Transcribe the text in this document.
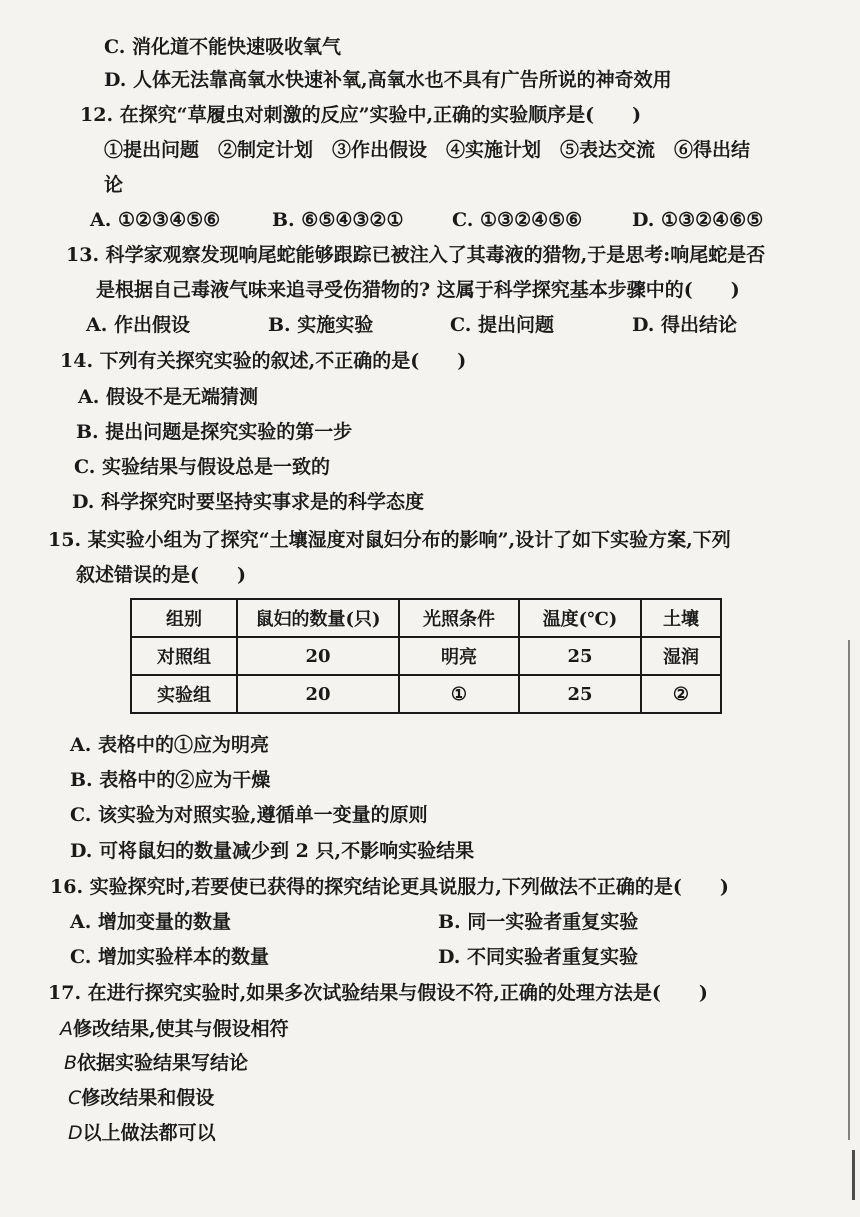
C. 消化道不能快速吸收氧气
D. 人体无法靠高氧水快速补氧,高氧水也不具有广告所说的神奇效用
12. 在探究“草履虫对刺激的反应”实验中,正确的实验顺序是(　　)
①提出问题　②制定计划　③作出假设　④实施计划　⑤表达交流　⑥得出结
论
A. ①②③④⑤⑥	B. ⑥⑤④③②①	C. ①③②④⑤⑥	D. ①③②④⑥⑤
13. 科学家观察发现响尾蛇能够跟踪已被注入了其毒液的猎物,于是思考:响尾蛇是否
是根据自己毒液气味来追寻受伤猎物的? 这属于科学探究基本步骤中的(　　)
A. 作出假设	B. 实施实验	C. 提出问题	D. 得出结论
14. 下列有关探究实验的叙述,不正确的是(　　)
A. 假设不是无端猜测
B. 提出问题是探究实验的第一步
C. 实验结果与假设总是一致的
D. 科学探究时要坚持实事求是的科学态度
15. 某实验小组为了探究“土壤湿度对鼠妇分布的影响”,设计了如下实验方案,下列
叙述错误的是(　　)
组别	鼠妇的数量(只)	光照条件	温度(℃)	土壤
对照组	20	明亮	25	湿润
实验组	20	①	25	②
A. 表格中的①应为明亮
B. 表格中的②应为干燥
C. 该实验为对照实验,遵循单一变量的原则
D. 可将鼠妇的数量减少到 2 只,不影响实验结果
16. 实验探究时,若要使已获得的探究结论更具说服力,下列做法不正确的是(　　)
A. 增加变量的数量	B. 同一实验者重复实验
C. 增加实验样本的数量	D. 不同实验者重复实验
17. 在进行探究实验时,如果多次试验结果与假设不符,正确的处理方法是(　　)
A修改结果,使其与假设相符
B依据实验结果写结论
C修改结果和假设
D以上做法都可以
